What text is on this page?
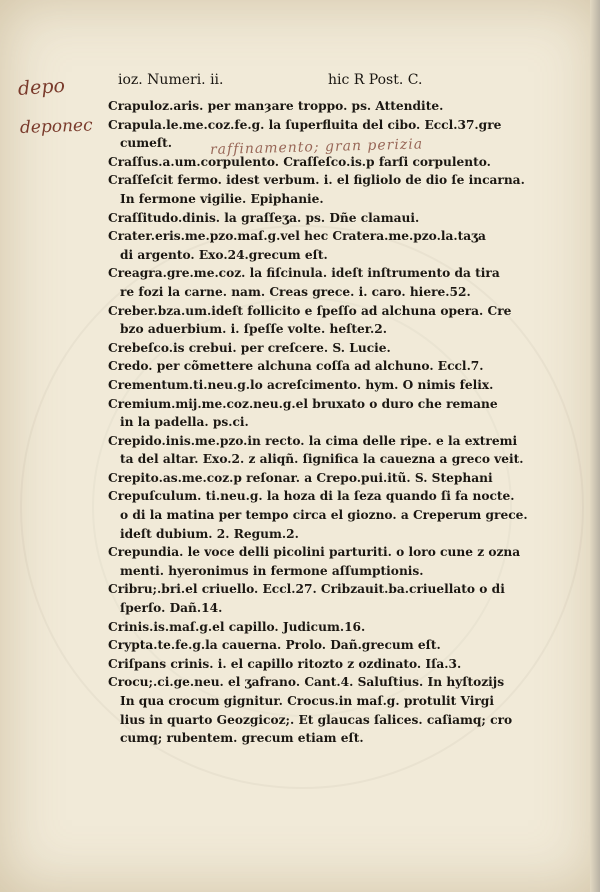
depo
deponec
raffinamento; gran perizia
ioz. Numeri. ii.	hic R Post. C.
Crapuloz.aris. per manȝare troppo. ps. Attendite.
Crapula.le.me.coz.fe.g. la ſuperfluita del cibo. Eccl.37.gre
cumeſt.
Craſſus.a.um.corpulento. Craſſeſco.is.p farſi corpulento.
Craſſeſcit fermo. idest verbum. i. el figliolo de dio ſe incarna.
In fermone vigilie. Epiphanie.
Craſſitudo.dinis. la graſſeʒa. ps. Dñe clamaui.
Crater.eris.me.pzo.maſ.g.vel hec Cratera.me.pzo.la.taʒa
di argento. Exo.24.grecum eſt.
Creagra.gre.me.coz. la fiſcinula. ideſt inſtrumento da tira
re fozi la carne. nam. Creas grece. i. caro. hiere.52.
Creber.bza.um.ideſt follicito e ſpeſſo ad alchuna opera. Cre
bzo aduerbium. i. ſpeſſe volte. heſter.2.
Crebeſco.is crebui. per creſcere. S. Lucie.
Credo. per cõmettere alchuna coſſa ad alchuno. Eccl.7.
Crementum.ti.neu.g.lo acreſcimento. hym. O nimis felix.
Cremium.mij.me.coz.neu.g.el bruxato o duro che remane
in la padella. ps.ci.
Crepido.inis.me.pzo.in recto. la cima delle ripe. e la extremi
ta del altar. Exo.2. z aliqñ. ſignifica la cauezna a greco veit.
Crepito.as.me.coz.p reſonar. a Crepo.pui.itũ. S. Stephani
Crepuſculum. ti.neu.g. la hoza di la ſeza quando ſi fa nocte.
o di la matina per tempo circa el giozno. a Creperum grece.
ideſt dubium. 2. Regum.2.
Crepundia. le voce delli picolini parturiti. o loro cune z ozna
menti. hyeronimus in fermone aſſumptionis.
Cribru;.bri.el criuello. Eccl.27. Cribzauit.ba.criuellato o di
ſperſo. Dañ.14.
Crinis.is.maſ.g.el capillo. Judicum.16.
Crypta.te.fe.g.la cauerna. Prolo. Dañ.grecum eſt.
Criſpans crinis. i. el capillo ritozto z ozdinato. Iſa.3.
Crocu;.ci.ge.neu. el ʒafrano. Cant.4. Saluſtius. In hyſtozijs
In qua crocum gignitur. Crocus.in maſ.g. protulit Virgi
lius in quarto Geozgicoz;. Et glaucas ſalices. caſiamq; cro
cumq; rubentem. grecum etiam eſt.
